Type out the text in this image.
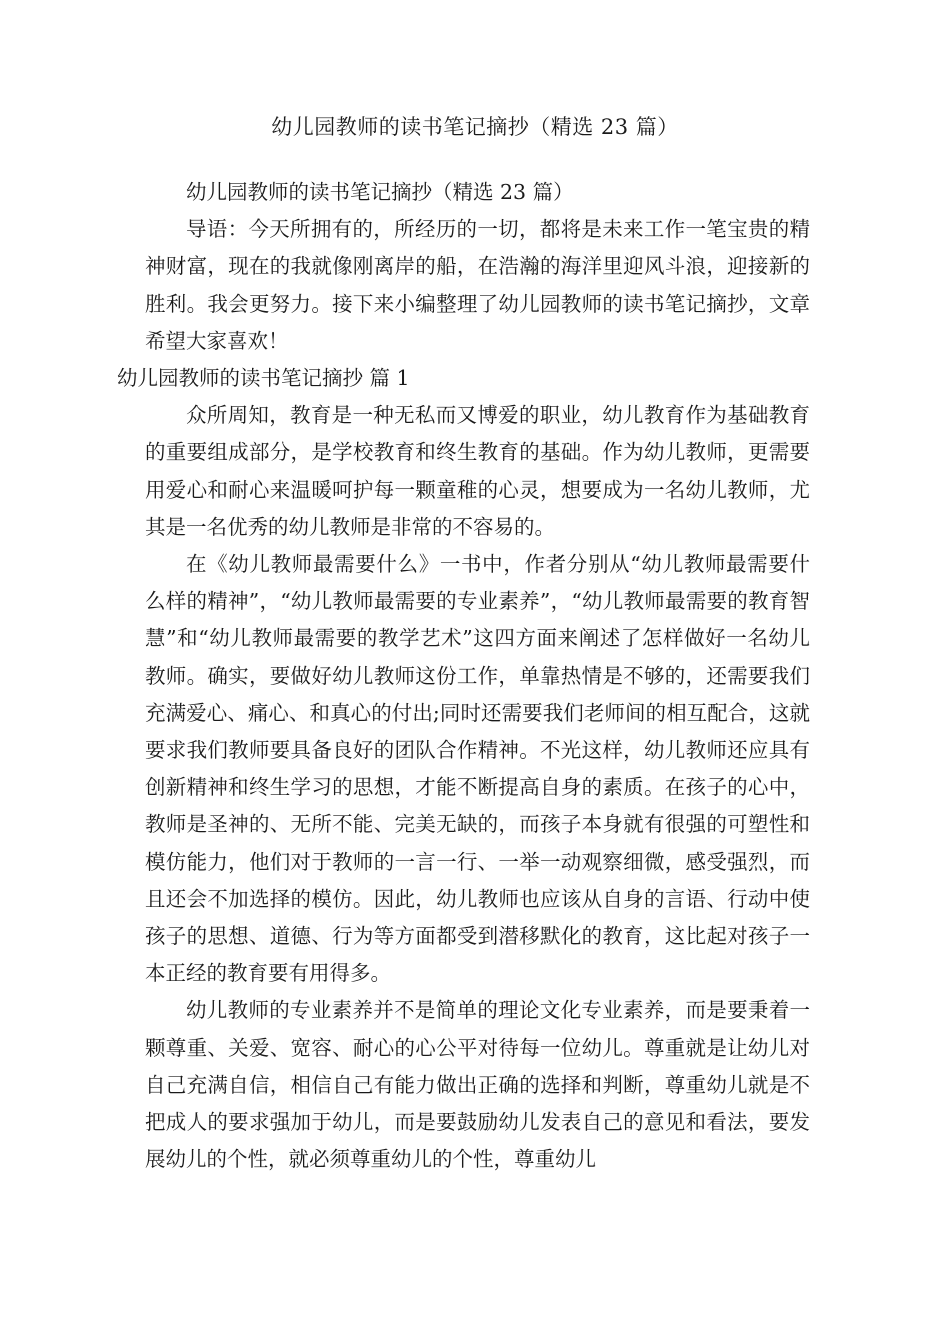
幼儿园教师的读书笔记摘抄（精选 23 篇）

幼儿园教师的读书笔记摘抄（精选 23 篇）

导语：今天所拥有的，所经历的一切，都将是未来工作一笔宝贵的精神财富，现在的我就像刚离岸的船，在浩瀚的海洋里迎风斗浪，迎接新的胜利。我会更努力。接下来小编整理了幼儿园教师的读书笔记摘抄，文章希望大家喜欢！

幼儿园教师的读书笔记摘抄 篇 1

众所周知，教育是一种无私而又博爱的职业，幼儿教育作为基础教育的重要组成部分，是学校教育和终生教育的基础。作为幼儿教师，更需要用爱心和耐心来温暖呵护每一颗童稚的心灵，想要成为一名幼儿教师，尤其是一名优秀的幼儿教师是非常的不容易的。

在《幼儿教师最需要什么》一书中，作者分别从“幼儿教师最需要什么样的精神”，“幼儿教师最需要的专业素养”，“幼儿教师最需要的教育智慧”和“幼儿教师最需要的教学艺术”这四方面来阐述了怎样做好一名幼儿教师。确实，要做好幼儿教师这份工作，单靠热情是不够的，还需要我们充满爱心、痛心、和真心的付出;同时还需要我们老师间的相互配合，这就要求我们教师要具备良好的团队合作精神。不光这样，幼儿教师还应具有创新精神和终生学习的思想，才能不断提高自身的素质。在孩子的心中，教师是圣神的、无所不能、完美无缺的，而孩子本身就有很强的可塑性和模仿能力，他们对于教师的一言一行、一举一动观察细微，感受强烈，而且还会不加选择的模仿。因此，幼儿教师也应该从自身的言语、行动中使孩子的思想、道德、行为等方面都受到潜移默化的教育，这比起对孩子一本正经的教育要有用得多。

幼儿教师的专业素养并不是简单的理论文化专业素养，而是要秉着一颗尊重、关爱、宽容、耐心的心公平对待每一位幼儿。尊重就是让幼儿对自己充满自信，相信自己有能力做出正确的选择和判断，尊重幼儿就是不把成人的要求强加于幼儿，而是要鼓励幼儿发表自己的意见和看法，要发展幼儿的个性，就必须尊重幼儿的个性，尊重幼儿
